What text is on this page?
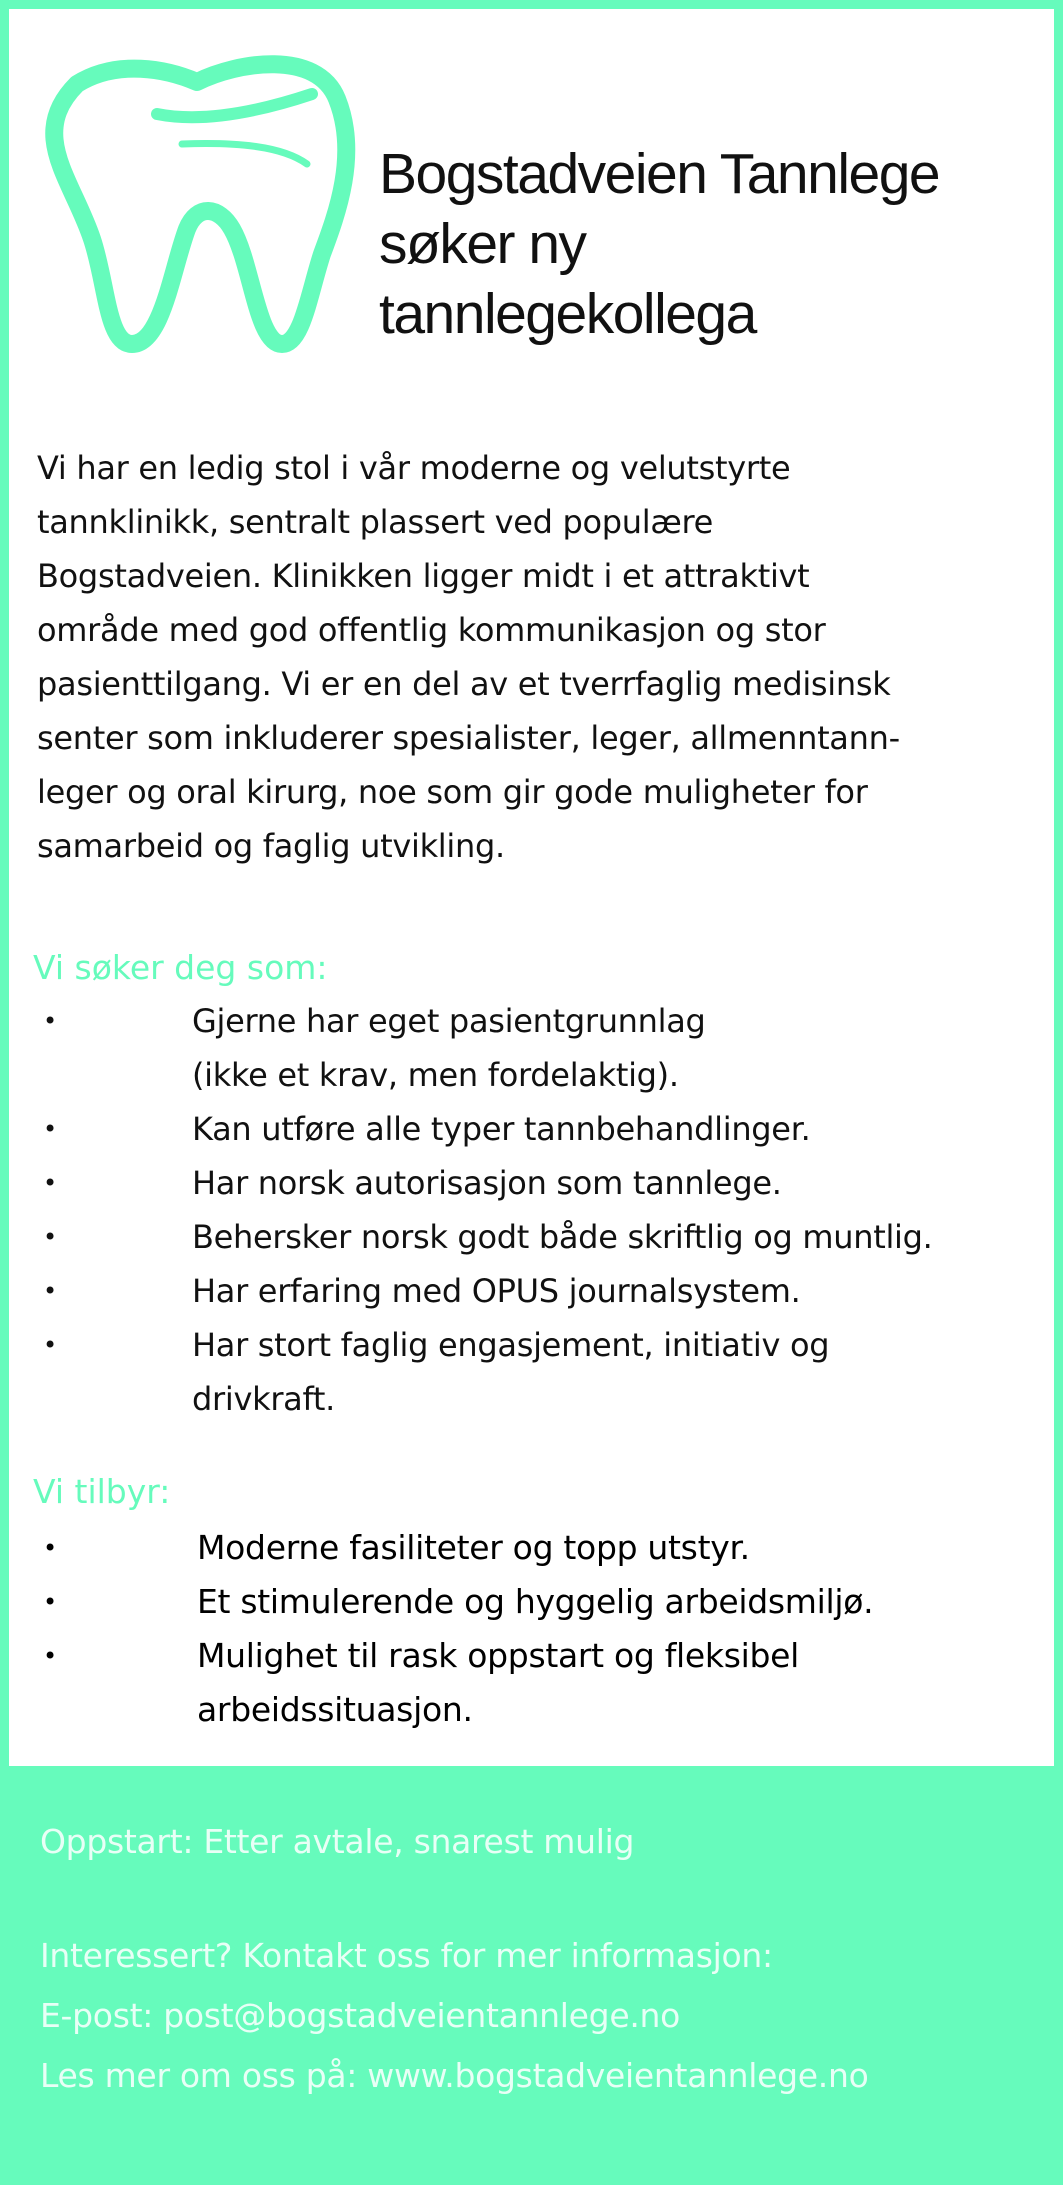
Bogstadveien Tannlege
søker ny
tannlegekollega
Vi har en ledig stol i vår moderne og velutstyrte
tannklinikk, sentralt plassert ved populære
Bogstadveien. Klinikken ligger midt i et attraktivt
område med god offentlig kommunikasjon og stor
pasienttilgang. Vi er en del av et tverrfaglig medisinsk
senter som inkluderer spesialister, leger, allmenntann-
leger og oral kirurg, noe som gir gode muligheter for
samarbeid og faglig utvikling.
Vi søker deg som:
•	Gjerne har eget pasientgrunnlag
(ikke et krav, men fordelaktig).
•	Kan utføre alle typer tannbehandlinger.
•	Har norsk autorisasjon som tannlege.
•	Behersker norsk godt både skriftlig og muntlig.
•	Har erfaring med OPUS journalsystem.
•	Har stort faglig engasjement, initiativ og
drivkraft.
Vi tilbyr:
•	Moderne fasiliteter og topp utstyr.
•	Et stimulerende og hyggelig arbeidsmiljø.
•	Mulighet til rask oppstart og fleksibel
arbeidssituasjon.

Oppstart: Etter avtale, snarest mulig

Interessert? Kontakt oss for mer informasjon:

E-post: post@bogstadveientannlege.no

Les mer om oss på: www.bogstadveientannlege.no
